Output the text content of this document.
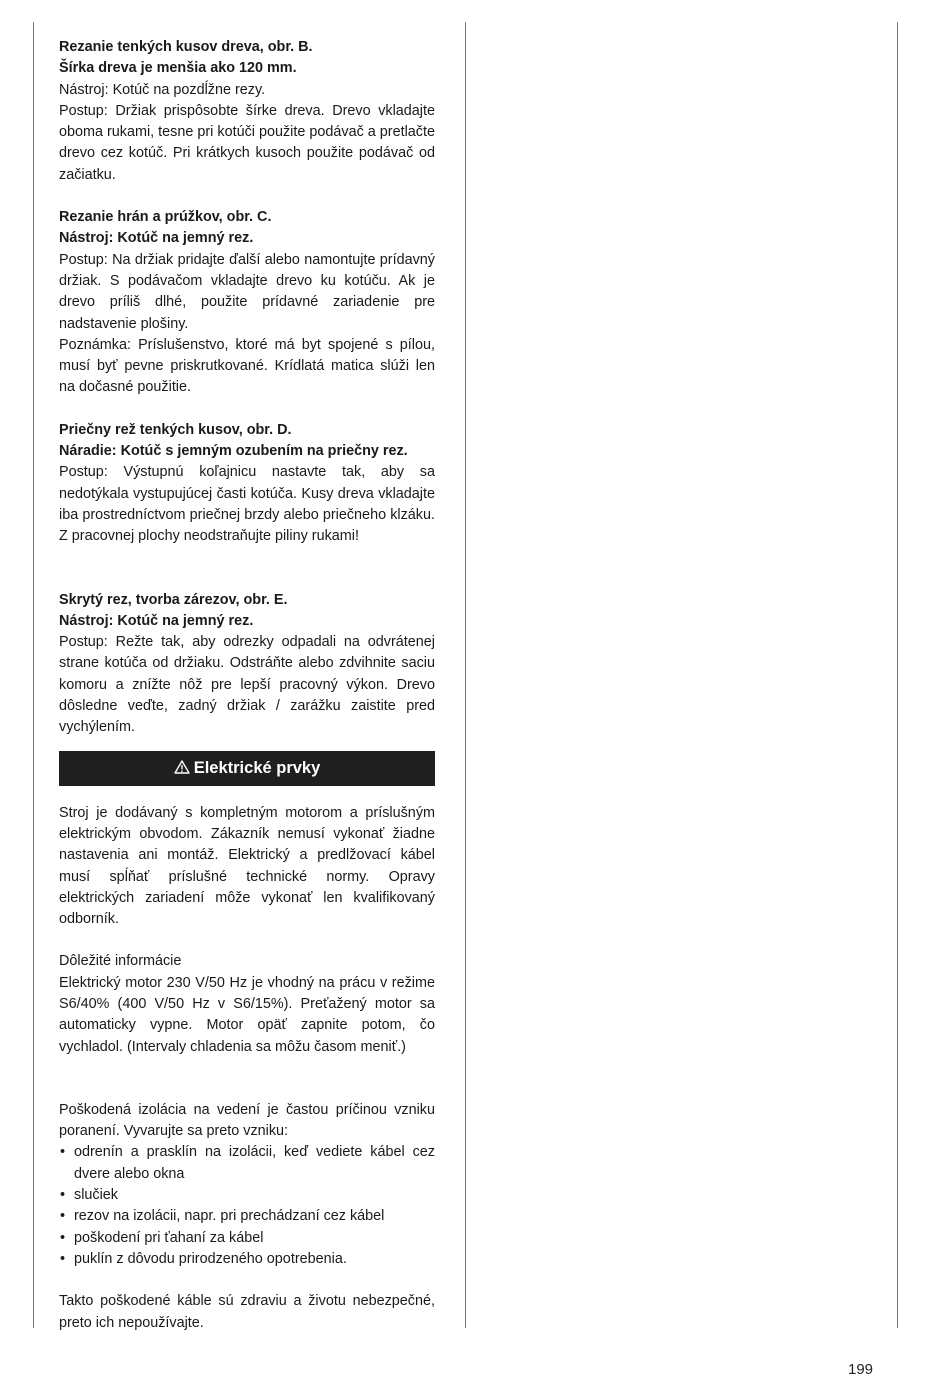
Rezanie tenkých kusov dreva, obr. B.

Šírka dreva je menšia ako 120 mm.

Nástroj: Kotúč na pozdĺžne rezy.

Postup: Držiak prispôsobte šírke dreva. Drevo vkladajte oboma rukami, tesne pri kotúči použite podávač a pretlačte drevo cez kotúč. Pri krátkych kusoch použite podávač od začiatku.

Rezanie hrán a prúžkov, obr. C.

Nástroj: Kotúč na jemný rez.

Postup: Na držiak pridajte ďalší alebo namontujte prídavný držiak. S podávačom vkladajte drevo ku kotúču. Ak je drevo príliš dlhé, použite prídavné zariadenie pre nadstavenie plošiny.

Poznámka: Príslušenstvo, ktoré má byt spojené s pílou, musí byť pevne priskrutkované. Krídlatá matica slúži len na dočasné použitie.

Priečny rež tenkých kusov, obr. D.

Náradie: Kotúč s jemným ozubením na priečny rez.

Postup: Výstupnú koľajnicu nastavte tak, aby sa nedotýkala vystupujúcej časti kotúča. Kusy dreva vkladajte iba prostredníctvom priečnej brzdy alebo priečneho klzáku. Z pracovnej plochy neodstraňujte piliny rukami!

Skrytý rez, tvorba zárezov, obr. E.

Nástroj: Kotúč na jemný rez.

Postup: Režte tak, aby odrezky odpadali na odvrátenej strane kotúča od držiaku. Odstráňte alebo zdvihnite saciu komoru a znížte nôž pre lepší pracovný výkon. Drevo dôsledne veďte, zadný držiak / zarážku zaistite pred vychýlením.

Elektrické prvky

Stroj je dodávaný s kompletným motorom a príslušným elektrickým obvodom. Zákazník nemusí vykonať žiadne nastavenia ani montáž. Elektrický a predlžovací kábel musí spĺňať príslušné technické normy. Opravy elektrických zariadení môže vykonať len kvalifikovaný odborník.

Dôležité informácie

Elektrický motor 230 V/50 Hz je vhodný na prácu v režime S6/40% (400 V/50 Hz v S6/15%). Preťažený motor sa automaticky vypne. Motor opäť zapnite potom, čo vychladol. (Intervaly chladenia sa môžu časom meniť.)

Poškodená izolácia na vedení je častou príčinou vzniku poranení. Vyvarujte sa preto vzniku:

• odrenín a prasklín na izolácii, keď vediete kábel cez dvere alebo okna
• slučiek
• rezov na izolácii, napr. pri prechádzaní cez kábel
• poškodení pri ťahaní za kábel
• puklín z dôvodu prirodzeného opotrebenia.

Takto poškodené káble sú zdraviu a životu nebezpečné, preto ich nepoužívajte.

199
